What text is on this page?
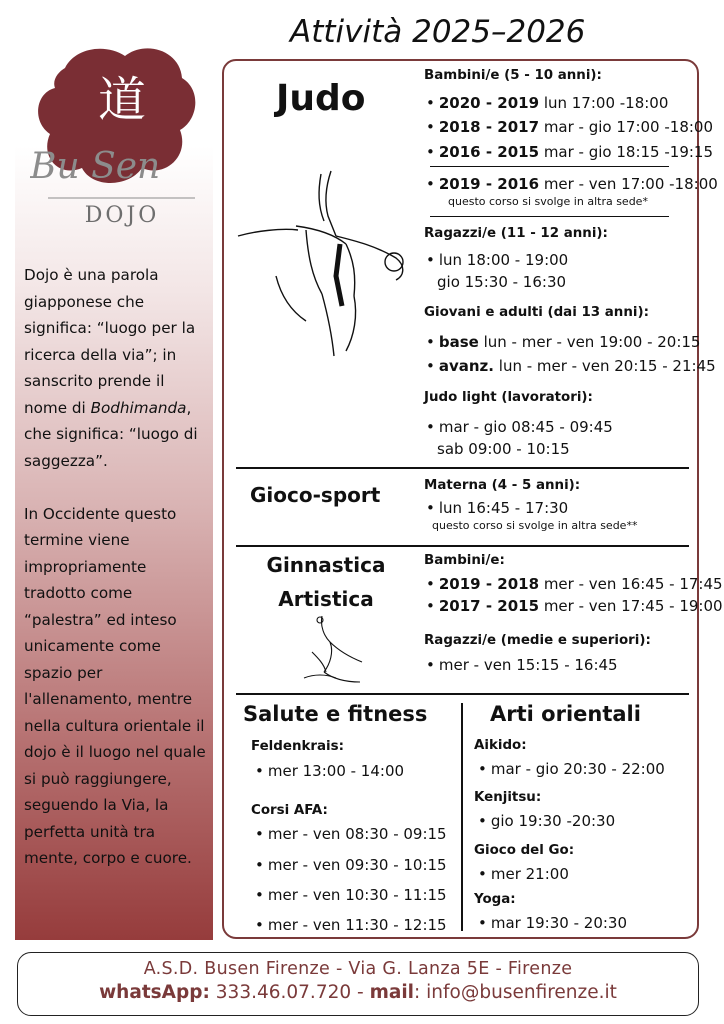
道
Bu Sen
DOJO

Dojo è una parola giapponese che significa: “luogo per la ricerca della via”; in sanscrito prende il nome di Bodhimanda, che significa: “luogo di saggezza”.

In Occidente questo termine viene impropriamente tradotto come “palestra” ed inteso unicamente come spazio per l'allenamento, mentre nella cultura orientale il dojo è il luogo nel quale si può raggiungere, seguendo la Via, la perfetta unità tra mente, corpo e cuore.

Attività 2025–2026
Judo
Bambini/e (5 - 10 anni):
• 2020 - 2019 lun 17:00 -18:00
• 2018 - 2017 mar - gio 17:00 -18:00
• 2016 - 2015 mar - gio 18:15 -19:15
• 2019 - 2016 mer - ven 17:00 -18:00
questo corso si svolge in altra sede*
Ragazzi/e (11 - 12 anni):
• lun 18:00 - 19:00
gio 15:30 - 16:30
Giovani e adulti (dai 13 anni):
• base lun - mer - ven 19:00 - 20:15
• avanz. lun - mer - ven 20:15 - 21:45
Judo light (lavoratori):
• mar - gio 08:45 - 09:45
sab 09:00 - 10:15
Gioco-sport	Materna (4 - 5 anni):
• lun 16:45 - 17:30
questo corso si svolge in altra sede**
Ginnastica
Artistica
Bambini/e:
• 2019 - 2018 mer - ven 16:45 - 17:45
• 2017 - 2015 mer - ven 17:45 - 19:00
Ragazzi/e (medie e superiori):
• mer - ven 15:15 - 16:45
Salute e fitness
Feldenkrais:
• mer 13:00 - 14:00
Corsi AFA:
• mer - ven 08:30 - 09:15
• mer - ven 09:30 - 10:15
• mer - ven 10:30 - 11:15
• mer - ven 11:30 - 12:15
Arti orientali
Aikido:
• mar - gio 20:30 - 22:00
Kenjitsu:
• gio 19:30 -20:30
Gioco del Go:
• mer 21:00
Yoga:
• mar 19:30 - 20:30
A.S.D. Busen Firenze - Via G. Lanza 5E - Firenze
whatsApp: 333.46.07.720 - mail: info@busenfirenze.it
